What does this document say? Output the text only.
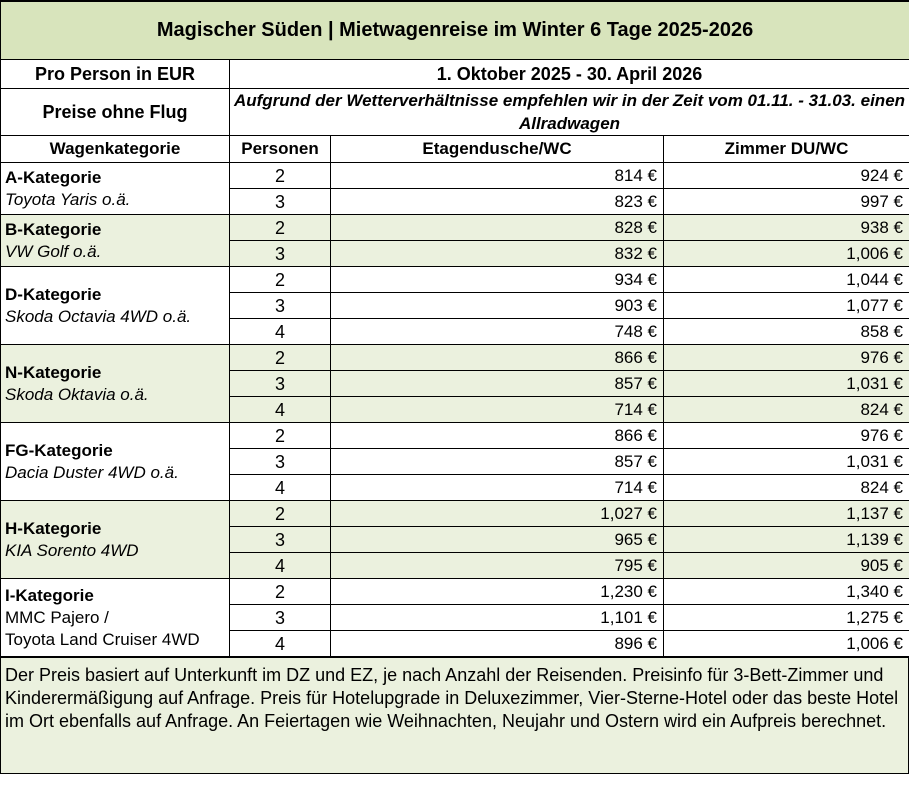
Magischer Süden | Mietwagenreise im Winter 6 Tage 2025-2026			
Pro Person in EUR	1. Oktober 2025 - 30. April 2026		
Preise ohne Flug	Aufgrund der Wetterverhältnisse empfehlen wir in der Zeit vom 01.11. - 31.03. einen Allradwagen		
Wagenkategorie	Personen	Etagendusche/WC	Zimmer DU/WC

A-Kategorie
Toyota Yaris o.ä.	2	814 €	924 €
	3	823 €	997 €

B-Kategorie
VW Golf o.ä.	2	828 €	938 €
	3	832 €	1,006 €

D-Kategorie
Skoda Octavia 4WD o.ä.	2	934 €	1,044 €
	3	903 €	1,077 €
	4	748 €	858 €

N-Kategorie
Skoda Oktavia o.ä.	2	866 €	976 €
	3	857 €	1,031 €
	4	714 €	824 €

FG-Kategorie
Dacia Duster 4WD o.ä.	2	866 €	976 €
	3	857 €	1,031 €
	4	714 €	824 €

H-Kategorie
KIA Sorento 4WD	2	1,027 €	1,137 €
	3	965 €	1,139 €
	4	795 €	905 €

I-Kategorie
MMC Pajero /
Toyota Land Cruiser 4WD	2	1,230 €	1,340 €
	3	1,101 €	1,275 €
	4	896 €	1,006 €
Der Preis basiert auf Unterkunft im DZ und EZ, je nach Anzahl der Reisenden. Preisinfo für 3-Bett-Zimmer und Kinderermäßigung auf Anfrage. Preis für Hotelupgrade in Deluxezimmer, Vier-Sterne-Hotel oder das beste Hotel im Ort ebenfalls auf Anfrage. An Feiertagen wie Weihnachten, Neujahr und Ostern wird ein Aufpreis berechnet.
